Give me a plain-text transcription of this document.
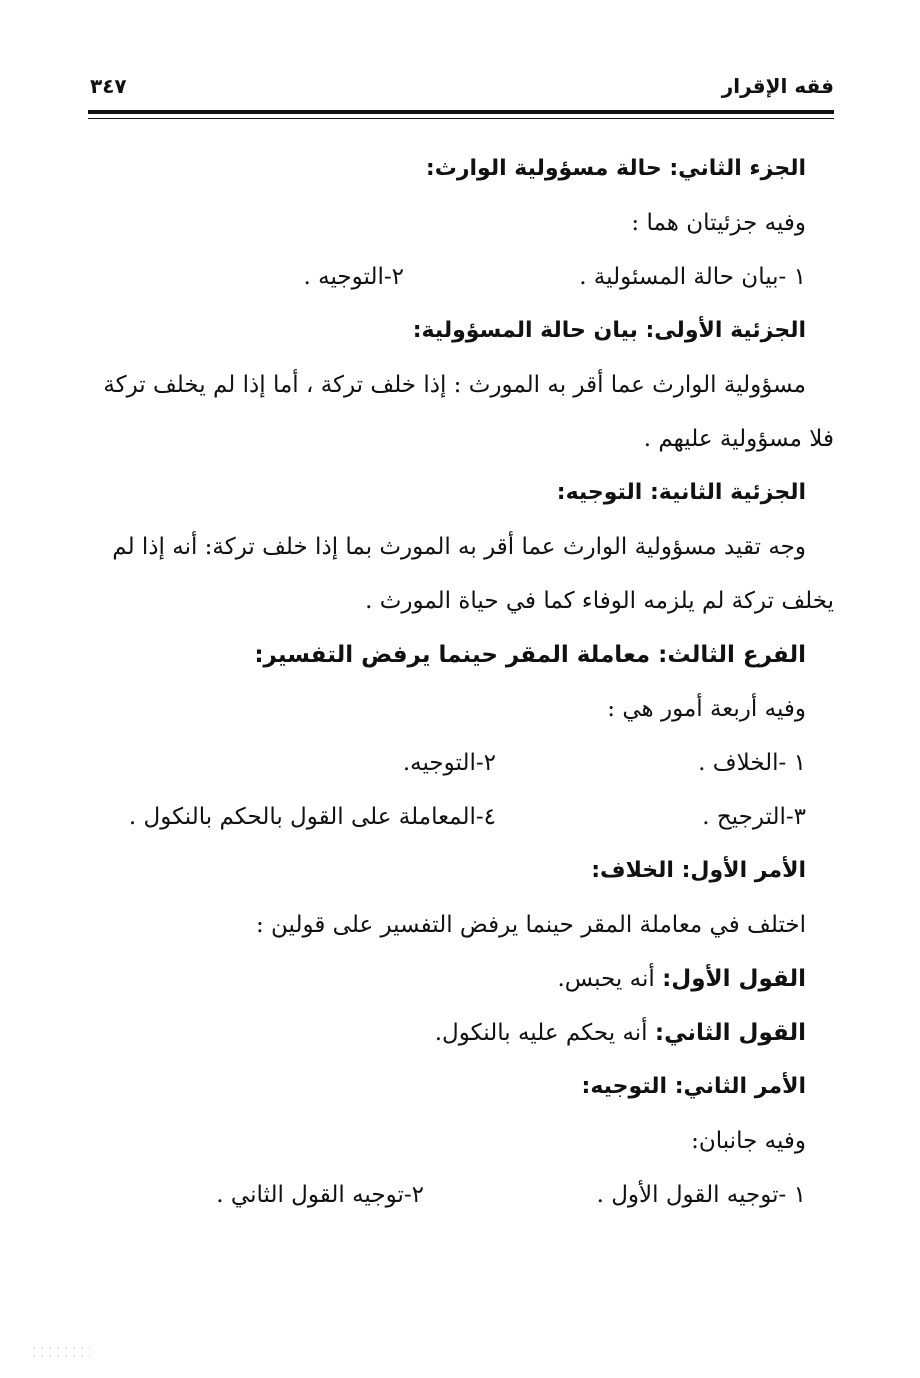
فقه الإقرار
٣٤٧
الجزء الثاني: حالة مسؤولية الوارث:
وفيه جزئيتان هما :
١ -بيان حالة المسئولية .
٢-التوجيه .
الجزئية الأولى: بيان حالة المسؤولية:
مسؤولية الوارث عما أقر به المورث : إذا خلف تركة ، أما إذا لم يخلف تركة
فلا مسؤولية عليهم .
الجزئية الثانية: التوجيه:
وجه تقيد مسؤولية الوارث عما أقر به المورث بما إذا خلف تركة: أنه إذا لم
يخلف تركة لم يلزمه الوفاء كما في حياة المورث .
الفرع الثالث: معاملة المقر حينما يرفض التفسير:
وفيه أربعة أمور هي :
١ -الخلاف .
٢-التوجيه.
٣-الترجيح .
٤-المعاملة على القول بالحكم بالنكول .
الأمر الأول: الخلاف:
اختلف في معاملة المقر حينما يرفض التفسير على قولين :
القول الأول: أنه يحبس.
القول الثاني: أنه يحكم عليه بالنكول.
الأمر الثاني: التوجيه:
وفيه جانبان:
١ -توجيه القول الأول .
٢-توجيه القول الثاني .
